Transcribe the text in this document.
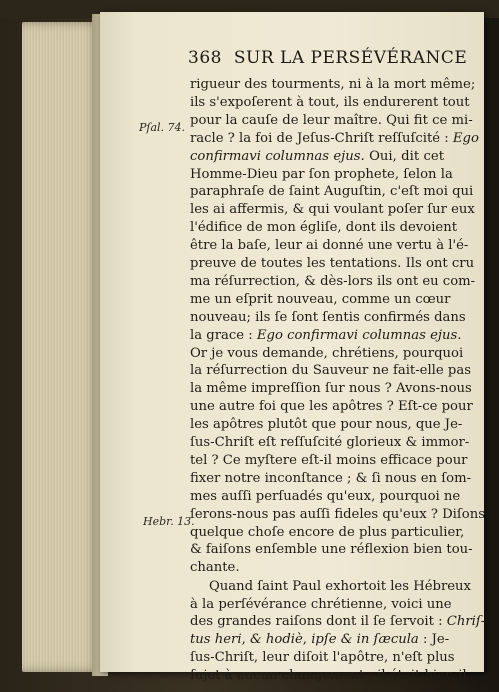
368 SUR LA PERSÉVÉRANCE
Pſal. 74.
Hebr. 13.
rigueur des tourments, ni à la mort même;
ils s'expoſerent à tout, ils endurerent tout
pour la cauſe de leur maître. Qui fit ce mi-
racle ? la foi de Jeſus-Chriſt reſſuſcité : Ego
confirmavi columnas ejus. Oui, dit cet
Homme-Dieu par ſon prophete, ſelon la
paraphraſe de ſaint Auguſtin, c'eſt moi qui
les ai affermis, & qui voulant poſer ſur eux
l'édifice de mon égliſe, dont ils devoient
être la baſe, leur ai donné une vertu à l'é-
preuve de toutes les tentations. Ils ont cru
ma réſurrection, & dès-lors ils ont eu com-
me un eſprit nouveau, comme un cœur
nouveau; ils ſe ſont ſentis confirmés dans
la grace : Ego confirmavi columnas ejus.
Or je vous demande, chrétiens, pourquoi
la réſurrection du Sauveur ne fait-elle pas
la même impreſſion ſur nous ? Avons-nous
une autre foi que les apôtres ? Eſt-ce pour
les apôtres plutôt que pour nous, que Je-
ſus-Chriſt eſt reſſuſcité glorieux & immor-
tel ? Ce myſtere eſt-il moins efficace pour
fixer notre inconſtance ; & ſi nous en ſom-
mes auſſi perſuadés qu'eux, pourquoi ne
ſerons-nous pas auſſi fideles qu'eux ? Diſons
quelque choſe encore de plus particulier,
& faiſons enſemble une réflexion bien tou-
chante.
Quand ſaint Paul exhortoit les Hébreux
à la perſévérance chrétienne, voici une
des grandes raiſons dont il ſe ſervoit : Chriſ-
tus heri, & hodiè, ipſe & in ſæcula : Je-
ſus-Chriſt, leur diſoit l'apôtre, n'eſt plus
ſujet à aucun changement ; il étoit hier, il
